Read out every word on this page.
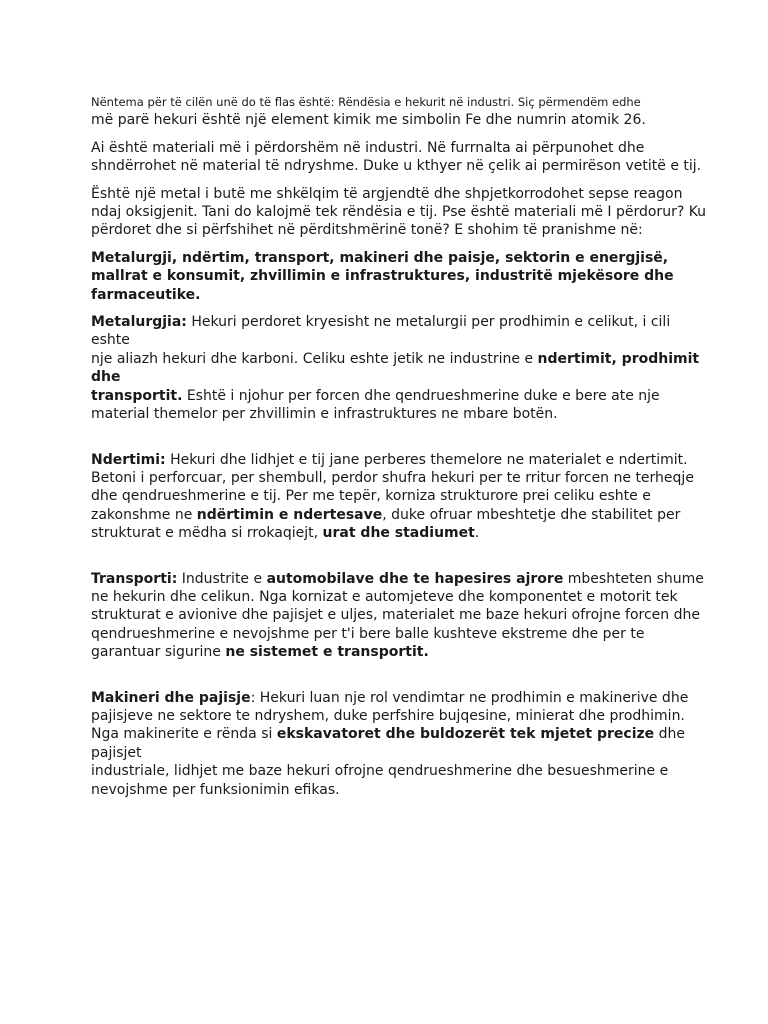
Nëntema për të cilën unë do të flas është: Rëndësia e hekurit në industri. Siç përmendëm edhe
më parë hekuri është një element kimik me simbolin Fe dhe numrin atomik 26.

Ai është materiali më i përdorshëm në industri. Në furrnalta ai përpunohet dhe shndërrohet në material të ndryshme. Duke u kthyer në çelik ai permirëson vetitë e tij.

Është një metal i butë me shkëlqim të argjendtë dhe shpjetkorrodohet sepse reagon ndaj oksigjenit. Tani do kalojmë tek rëndësia e tij. Pse është materiali më I përdorur? Ku përdoret dhe si përfshihet në përditshmërinë tonë? E shohim të pranishme në:

Metalurgji, ndërtim, transport, makineri dhe paisje, sektorin e energjisë, mallrat e konsumit, zhvillimin e infrastruktures, industritë mjekësore dhe farmaceutike.

Metalurgjia: Hekuri perdoret kryesisht ne metalurgii per prodhimin e celikut, i cili eshte
nje aliazh hekuri dhe karboni. Celiku eshte jetik ne industrine e ndertimit, prodhimit dhe
transportit. Eshtë i njohur per forcen dhe qendrueshmerine duke e bere ate nje material themelor per zhvillimin e infrastruktures ne mbare botën.

Ndertimi: Hekuri dhe lidhjet e tij jane perberes themelore ne materialet e ndertimit.
Betoni i perforcuar, per shembull, perdor shufra hekuri per te rritur forcen ne terheqje dhe qendrueshmerine e tij. Per me tepër, korniza strukturore prei celiku eshte e
zakonshme ne ndërtimin e ndertesave, duke ofruar mbeshtetje dhe stabilitet per
strukturat e mëdha si rrokaqiejt, urat dhe stadiumet.

Transporti: Industrite e automobilave dhe te hapesires ajrore mbeshteten shume ne hekurin dhe celikun. Nga kornizat e automjeteve dhe komponentet e motorit tek strukturat e avionive dhe pajisjet e uljes, materialet me baze hekuri ofrojne forcen dhe qendrueshmerine e nevojshme per t'i bere balle kushteve ekstreme dhe per te garantuar sigurine ne sistemet e transportit.

Makineri dhe pajisje: Hekuri luan nje rol vendimtar ne prodhimin e makinerive dhe pajisjeve ne sektore te ndryshem, duke perfshire bujqesine, minierat dhe prodhimin. Nga makinerite e rënda si ekskavatoret dhe buldozerët tek mjetet precize dhe pajisjet
industriale, lidhjet me baze hekuri ofrojne qendrueshmerine dhe besueshmerine e nevojshme per funksionimin efikas.
